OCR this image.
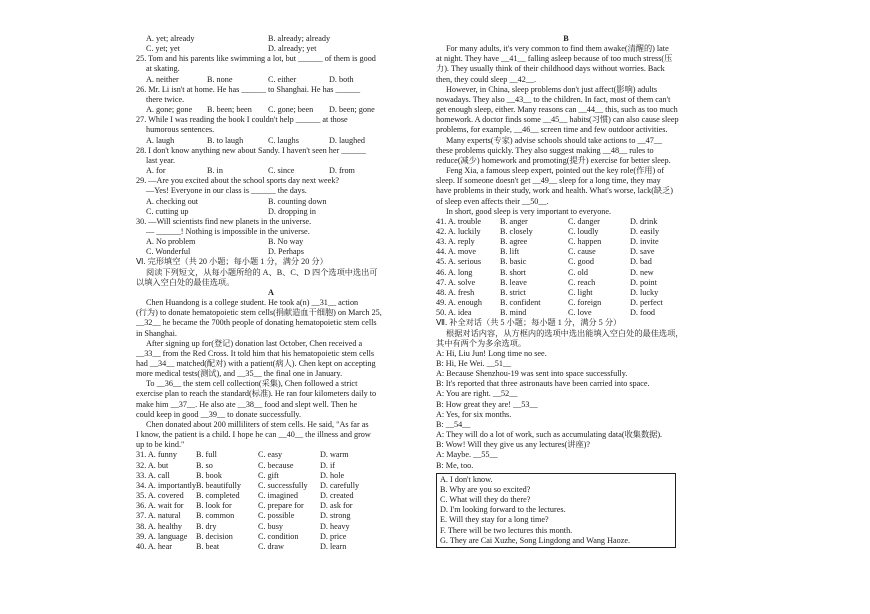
A. yet; already	B. already; already
C. yet; yet	D. already; yet
25. Tom and his parents like swimming a lot, but ______ of them is good
at skating.
A. neither	B. none	C. either	D. both
26. Mr. Li isn't at home. He has ______ to Shanghai. He has ______
there twice.
A. gone; gone	B. been; been	C. gone; been	D. been; gone
27. While I was reading the book I couldn't help ______ at those
humorous sentences.
A. laugh	B. to laugh	C. laughs	D. laughed
28. I don't know anything new about Sandy. I haven't seen her ______
last year.
A. for	B. in	C. since	D. from
29. —Are you excited about the school sports day next week?
—Yes! Everyone in our class is ______ the days.
A. checking out	B. counting down
C. cutting up	D. dropping in
30. —Will scientists find new planets in the universe.
— ______! Nothing is impossible in the universe.
A. No problem	B. No way
C. Wonderful	D. Perhaps
Ⅵ. 完形填空（共 20 小题；每小题 1 分，满分 20 分）
阅读下列短文，从每小题所给的 A、B、C、D 四个选项中选出可
以填入空白处的最佳选项。
A
Chen Huandong is a college student. He took a(n) __31__ action
(行为) to donate hematopoietic stem cells(捐献造血干细胞) on March 25,
__32__ he became the 700th people of donating hematopoietic stem cells
in Shanghai.
After signing up for(登记) donation last October, Chen received a
__33__ from the Red Cross. It told him that his hematopoietic stem cells
had __34__ matched(配对) with a patient(病人). Chen kept on accepting
more medical tests(测试), and __35__ the final one in January.
To __36__ the stem cell collection(采集), Chen followed a strict
exercise plan to reach the standard(标准). He ran four kilometers daily to
make him __37__. He also ate __38__ food and slept well. Then he
could keep in good __39__ to donate successfully.
Chen donated about 200 milliliters of stem cells. He said, "As far as
I know, the patient is a child. I hope he can __40__ the illness and grow
up to be kind."
31. A. funny	B. full	C. easy	D. warm
32. A. but	B. so	C. because	D. if
33. A. call	B. book	C. gift	D. hole
34. A. importantly B. beautifully	C. successfully	D. carefully
35. A. covered	B. completed	C. imagined	D. created
36. A. wait for	B. look for	C. prepare for	D. ask for
37. A. natural	B. common	C. possible	D. strong
38. A. healthy	B. dry	C. busy	D. heavy
39. A. language	B. decision	C. condition	D. price
40. A. hear	B. beat	C. draw	D. learn
B
For many adults, it's very common to find them awake(清醒的) late
at night. They have __41__ falling asleep because of too much stress(压
力). They usually think of their childhood days without worries. Back
then, they could sleep __42__.
However, in China, sleep problems don't just affect(影响) adults
nowadays. They also __43__ to the children. In fact, most of them can't
get enough sleep, either. Many reasons can __44__ this, such as too much
homework. A doctor finds some __45__ habits(习惯) can also cause sleep
problems, for example, __46__ screen time and few outdoor activities.
Many experts(专家) advise schools should take actions to __47__
these problems quickly. They also suggest making __48__ rules to
reduce(减少) homework and promoting(提升) exercise for better sleep.
Feng Xia, a famous sleep expert, pointed out the key role(作用) of
sleep. If someone doesn't get __49__ sleep for a long time, they may
have problems in their study, work and health. What's worse, lack(缺乏)
of sleep even affects their __50__.
In short, good sleep is very important to everyone.
41. A. trouble	B. anger	C. danger	D. drink
42. A. luckily	B. closely	C. loudly	D. easily
43. A. reply	B. agree	C. happen	D. invite
44. A. move	B. lift	C. cause	D. save
45. A. serious	B. basic	C. good	D. bad
46. A. long	B. short	C. old	D. new
47. A. solve	B. leave	C. reach	D. point
48. A. fresh	B. strict	C. light	D. lucky
49. A. enough	B. confident	C. foreign	D. perfect
50. A. idea	B. mind	C. love	D. food
Ⅶ. 补全对话（共 5 小题；每小题 1 分，满分 5 分）
根据对话内容，从方框内的选项中选出能填入空白处的最佳选项，
其中有两个为多余选项。
A: Hi, Liu Jun! Long time no see.
B: Hi, He Wei. __51__
A: Because Shenzhou-19 was sent into space successfully.
B: It's reported that three astronauts have been carried into space.
A: You are right. __52__
B: How great they are! __53__
A: Yes, for six months.
B: __54__
A: They will do a lot of work, such as accumulating data(收集数据).
B: Wow! Will they give us any lectures(讲座)?
A: Maybe. __55__
B: Me, too.
A. I don't know.
B. Why are you so excited?
C. What will they do there?
D. I'm looking forward to the lectures.
E. Will they stay for a long time?
F. There will be two lectures this month.
G. They are Cai Xuzhe, Song Lingdong and Wang Haoze.
